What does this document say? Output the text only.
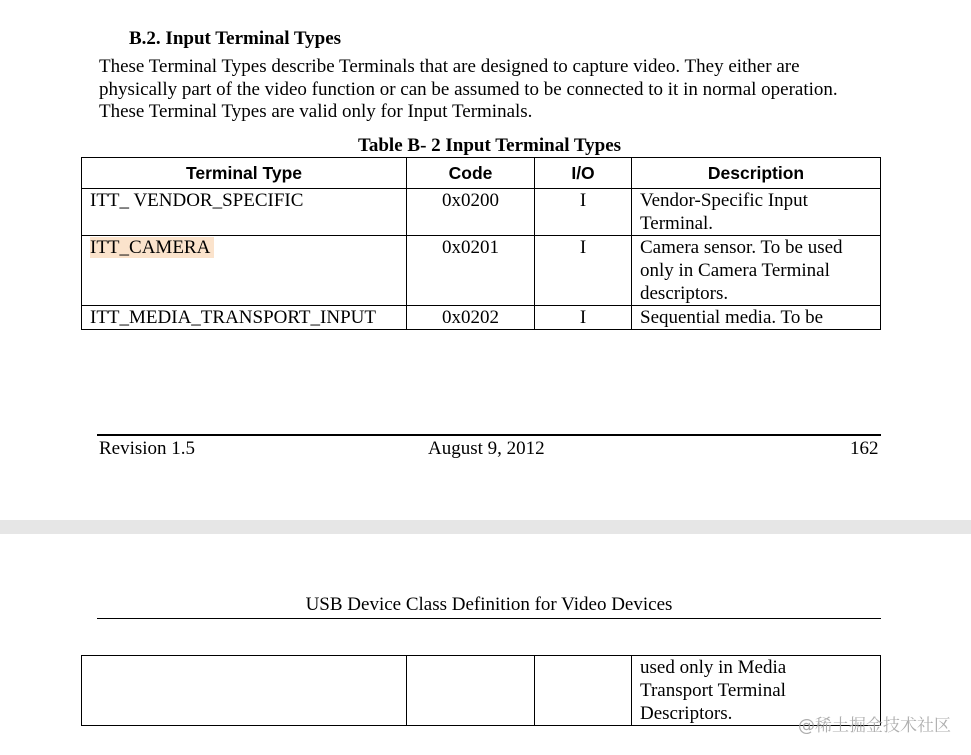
B.2. Input Terminal Types
These Terminal Types describe Terminals that are designed to capture video. They either are
physically part of the video function or can be assumed to be connected to it in normal operation.
These Terminal Types are valid only for Input Terminals.
Table B- 2 Input Terminal Types
Terminal Type	Code	I/O	Description
ITT_ VENDOR_SPECIFIC	0x0200	I	Vendor-Specific Input
Terminal.

ITT_CAMERA	0x0201	I	Camera sensor. To be used
only in Camera Terminal
descriptors.

ITT_MEDIA_TRANSPORT_INPUT	0x0202	I	Sequential media. To be
Revision 1.5	August 9, 2012	162
USB Device Class Definition for Video Devices

used only in Media
Transport Terminal
Descriptors.
@稀土掘金技术社区
